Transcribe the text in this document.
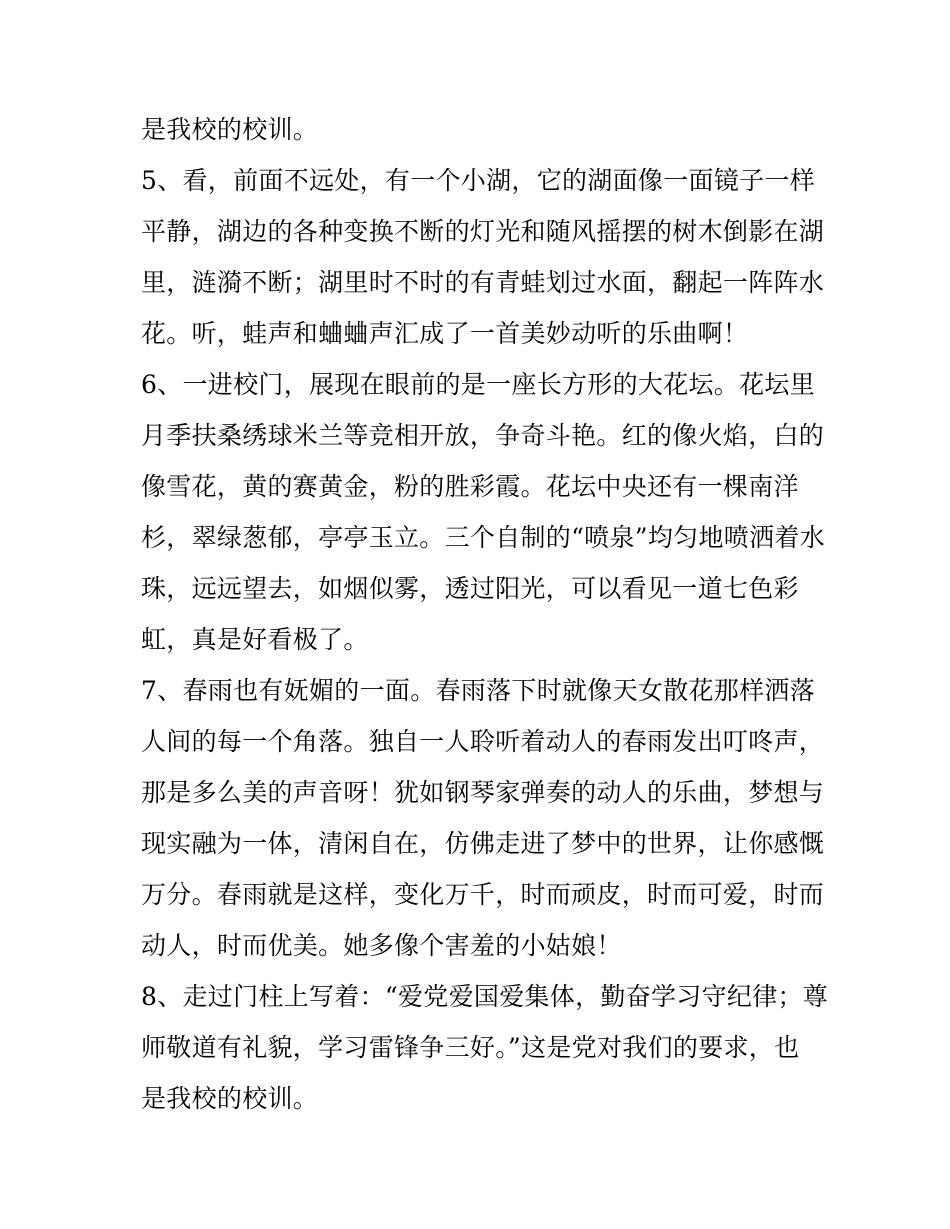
是我校的校训。
5、看，前面不远处，有一个小湖，它的湖面像一面镜子一样
平静，湖边的各种变换不断的灯光和随风摇摆的树木倒影在湖
里，涟漪不断；湖里时不时的有青蛙划过水面，翻起一阵阵水
花。听，蛙声和蛐蛐声汇成了一首美妙动听的乐曲啊！
6、一进校门，展现在眼前的是一座长方形的大花坛。花坛里
月季扶桑绣球米兰等竞相开放，争奇斗艳。红的像火焰，白的
像雪花，黄的赛黄金，粉的胜彩霞。花坛中央还有一棵南洋
杉，翠绿葱郁，亭亭玉立。三个自制的“喷泉”均匀地喷洒着水
珠，远远望去，如烟似雾，透过阳光，可以看见一道七色彩
虹，真是好看极了。
7、春雨也有妩媚的一面。春雨落下时就像天女散花那样洒落
人间的每一个角落。独自一人聆听着动人的春雨发出叮咚声，
那是多么美的声音呀！犹如钢琴家弹奏的动人的乐曲，梦想与
现实融为一体，清闲自在，仿佛走进了梦中的世界，让你感慨
万分。春雨就是这样，变化万千，时而顽皮，时而可爱，时而
动人，时而优美。她多像个害羞的小姑娘！
8、走过门柱上写着：“爱党爱国爱集体，勤奋学习守纪律；尊
师敬道有礼貌，学习雷锋争三好。”这是党对我们的要求，也
是我校的校训。
